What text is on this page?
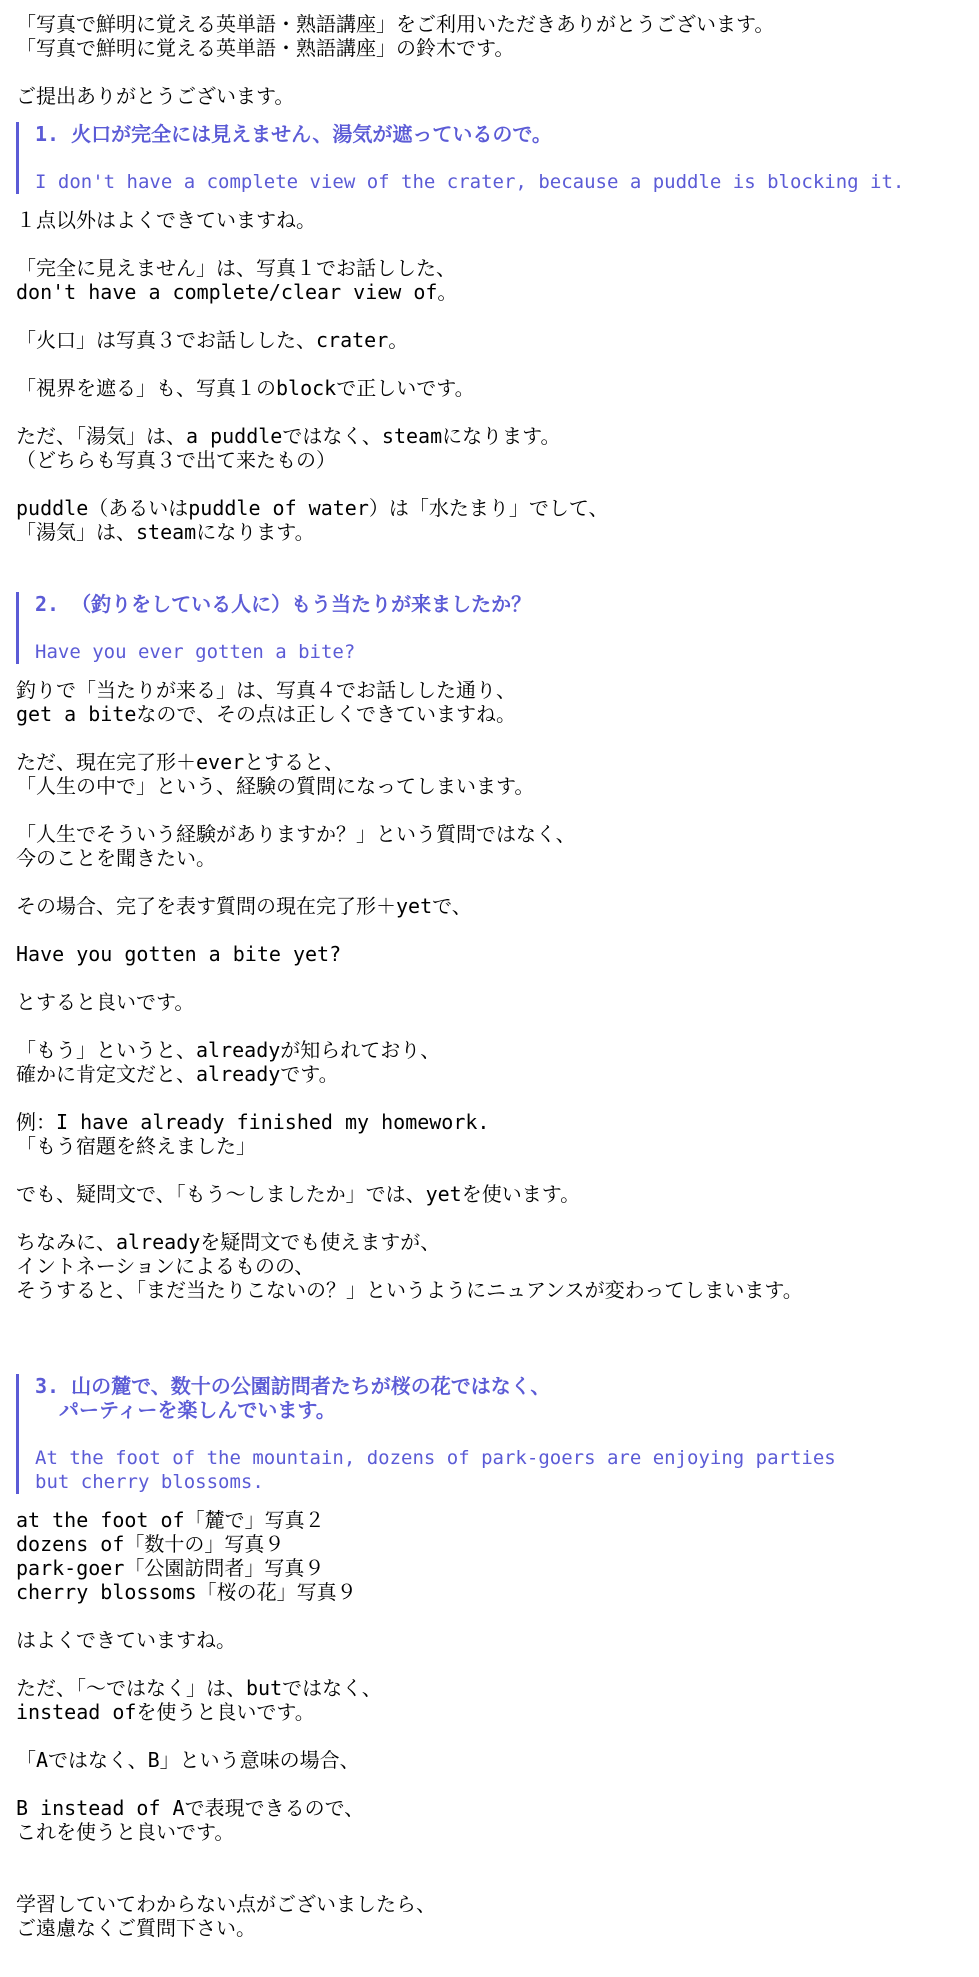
「写真で鮮明に覚える英単語・熟語講座」をご利用いただきありがとうございます。
「写真で鮮明に覚える英単語・熟語講座」の鈴木です。
ご提出ありがとうございます。
1. 火口が完全には見えません、湯気が遮っているので。
I don't have a complete view of the crater, because a puddle is blocking it.
１点以外はよくできていますね。
「完全に見えません」は、写真１でお話しした、
don't have a complete/clear view of。
「火口」は写真３でお話しした、crater。
「視界を遮る」も、写真１のblockで正しいです。
ただ、「湯気」は、a puddleではなく、steamになります。
（どちらも写真３で出て来たもの）
puddle（あるいはpuddle of water）は「水たまり」でして、
「湯気」は、steamになります。
2. （釣りをしている人に）もう当たりが来ましたか？
Have you ever gotten a bite?
釣りで「当たりが来る」は、写真４でお話しした通り、
get a biteなので、その点は正しくできていますね。
ただ、現在完了形＋everとすると、
「人生の中で」という、経験の質問になってしまいます。
「人生でそういう経験がありますか？」という質問ではなく、
今のことを聞きたい。
その場合、完了を表す質問の現在完了形＋yetで、
Have you gotten a bite yet?
とすると良いです。
「もう」というと、alreadyが知られており、
確かに肯定文だと、alreadyです。
例：I have already finished my homework.
「もう宿題を終えました」
でも、疑問文で、「もう～しましたか」では、yetを使います。
ちなみに、alreadyを疑問文でも使えますが、
イントネーションによるものの、
そうすると、「まだ当たりこないの？」というようにニュアンスが変わってしまいます。
3. 山の麓で、数十の公園訪問者たちが桜の花ではなく、
パーティーを楽しんでいます。
At the foot of the mountain, dozens of park-goers are enjoying parties
but cherry blossoms.
at the foot of「麓で」写真２
dozens of「数十の」写真９
park-goer「公園訪問者」写真９
cherry blossoms「桜の花」写真９
はよくできていますね。
ただ、「～ではなく」は、butではなく、
instead ofを使うと良いです。
「Aではなく、B」という意味の場合、
B instead of Aで表現できるので、
これを使うと良いです。
学習していてわからない点がございましたら、
ご遠慮なくご質問下さい。
